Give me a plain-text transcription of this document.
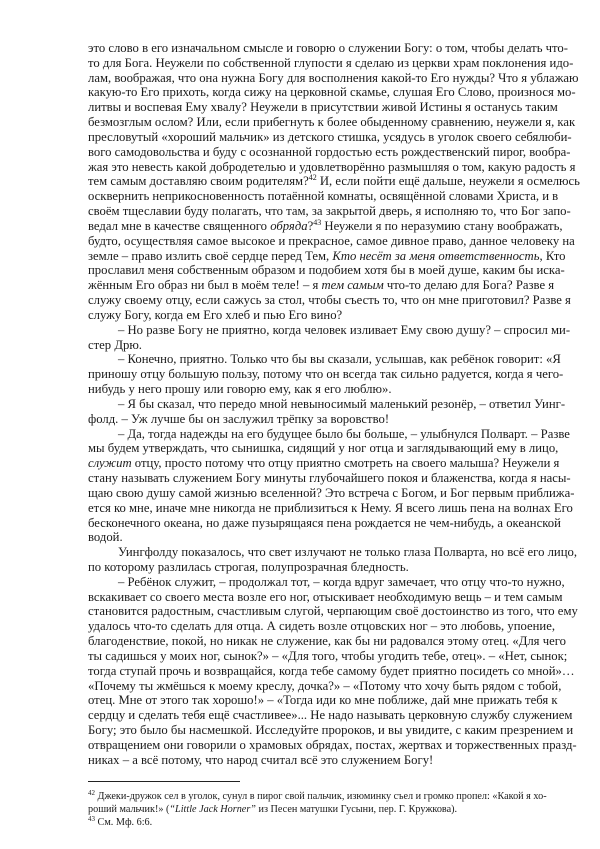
это слово в его изначальном смысле и говорю о служении Богу: о том, чтобы делать что-
то для Бога. Неужели по собственной глупости я сделаю из церкви храм поклонения идо-
лам, воображая, что она нужна Богу для восполнения какой-то Его нужды? Что я ублажаю
какую-то Его прихоть, когда сижу на церковной скамье, слушая Его Слово, произнося мо-
литвы и воспевая Ему хвалу? Неужели в присутствии живой Истины я останусь таким
безмозглым ослом? Или, если прибегнуть к более обыденному сравнению, неужели я, как
пресловутый «хороший мальчик» из детского стишка, усядусь в уголок своего себялюби-
вого самодовольства и буду с осознанной гордостью есть рождественский пирог, вообра-
жая это невесть какой добродетелью и удовлетворённо размышляя о том, какую радость я
тем самым доставляю своим родителям?$^{42}$ И, если пойти ещё дальше, неужели я осмелюсь
осквернить неприкосновенность потаённой комнаты, освящённой словами Христа, и в
своём тщеславии буду полагать, что там, за закрытой дверь, я исполняю то, что Бог запо-
ведал мне в качестве священного обряда?$^{43}$ Неужели я по неразумию стану воображать,
будто, осуществляя самое высокое и прекрасное, самое дивное право, данное человеку на
земле – право излить своё сердце перед Тем, Кто несёт за меня ответственность, Кто
прославил меня собственным образом и подобием хотя бы в моей душе, каким бы иска-
жённым Его образ ни был в моём теле! – я тем самым что-то делаю для Бога? Разве я
служу своему отцу, если сажусь за стол, чтобы съесть то, что он мне приготовил? Разве я
служу Богу, когда ем Его хлеб и пью Его вино?
– Но разве Богу не приятно, когда человек изливает Ему свою душу? – спросил ми-
стер Дрю.
– Конечно, приятно. Только что бы вы сказали, услышав, как ребёнок говорит: «Я
приношу отцу большую пользу, потому что он всегда так сильно радуется, когда я чего-
нибудь у него прошу или говорю ему, как я его люблю».
– Я бы сказал, что передо мной невыносимый маленький резонёр, – ответил Уинг-
фолд. – Уж лучше бы он заслужил трёпку за воровство!
– Да, тогда надежды на его будущее было бы больше, – улыбнулся Полварт. – Разве
мы будем утверждать, что сынишка, сидящий у ног отца и заглядывающий ему в лицо,
служит отцу, просто потому что отцу приятно смотреть на своего малыша? Неужели я
стану называть служением Богу минуты глубочайшего покоя и блаженства, когда я насы-
щаю свою душу самой жизнью вселенной? Это встреча с Богом, и Бог первым приближа-
ется ко мне, иначе мне никогда не приблизиться к Нему. Я всего лишь пена на волнах Его
бесконечного океана, но даже пузырящаяся пена рождается не чем-нибудь, а океанской
водой.
Уингфолду показалось, что свет излучают не только глаза Полварта, но всё его лицо,
по которому разлилась строгая, полупрозрачная бледность.
– Ребёнок служит, – продолжал тот, – когда вдруг замечает, что отцу что-то нужно,
вскакивает со своего места возле его ног, отыскивает необходимую вещь – и тем самым
становится радостным, счастливым слугой, черпающим своё достоинство из того, что ему
удалось что-то сделать для отца. А сидеть возле отцовских ног – это любовь, упоение,
благоденствие, покой, но никак не служение, как бы ни радовался этому отец. «Для чего
ты садишься у моих ног, сынок?» – «Для того, чтобы угодить тебе, отец». – «Нет, сынок;
тогда ступай прочь и возвращайся, когда тебе самому будет приятно посидеть со мной»…
«Почему ты жмёшься к моему креслу, дочка?» – «Потому что хочу быть рядом с тобой,
отец. Мне от этого так хорошо!» – «Тогда иди ко мне поближе, дай мне прижать тебя к
сердцу и сделать тебя ещё счастливее»... Не надо называть церковную службу служением
Богу; это было бы насмешкой. Исследуйте пророков, и вы увидите, с каким презрением и
отвращением они говорили о храмовых обрядах, постах, жертвах и торжественных празд-
никах – а всё потому, что народ считал всё это служением Богу!
$^{42}$ Джеки-дружок сел в уголок, сунул в пирог свой пальчик, изюминку съел и громко пропел: «Какой я хо-
роший мальчик!» (“Little Jack Horner” из Песен матушки Гусыни, пер. Г. Кружкова).
$^{43}$ См. Мф. 6:6.
